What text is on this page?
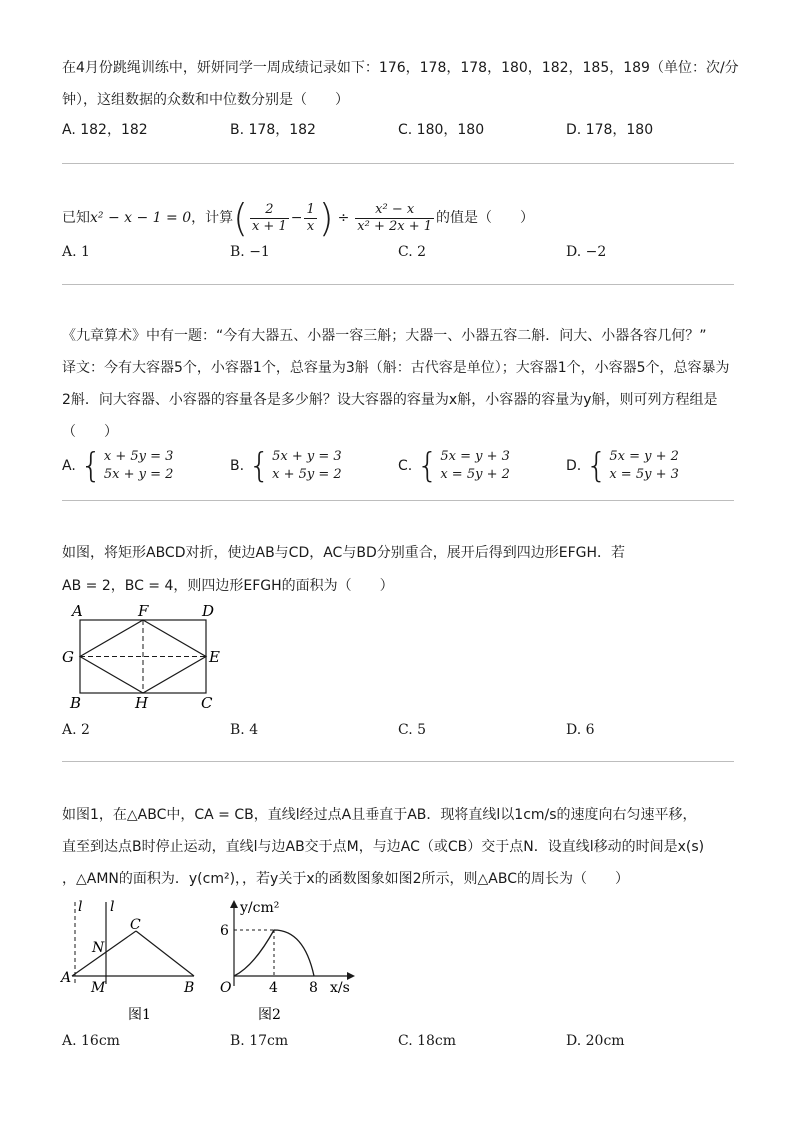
在4月份跳绳训练中，妍妍同学一周成绩记录如下：176，178，178，180，182，185，189（单位：次/分
钟），这组数据的众数和中位数分别是（　　）
A. 182，182	B. 178，182	C. 180，180	D. 178，180
已知x² − x − 1 = 0，计算( $\frac{2}{x + 1} - \frac{1}{x}$ ) ÷ $\frac{\text{x² − x}}{\text{x² + 2x + 1}}$ 的值是（　　）
A. 1	B. −1	C. 2	D. −2
《九章算术》中有一题：“今有大器五、小器一容三斛；大器一、小器五容二斛．问大、小器各容几何？”
译文：今有大容器5个，小容器1个，总容量为3斛（斛：古代容是单位）；大容器1个，小容器5个，总容暴为
2斛．问大容器、小容器的容量各是多少斛？设大容器的容量为x斛，小容器的容量为y斛，则可列方程组是
（　　）
A. { x + 5y = 3
5x + y = 2
B. { 5x + y = 3
x + 5y = 2
C. { 5x = y + 3
x = 5y + 2
D. { 5x = y + 2
x = 5y + 3
如图，将矩形ABCD对折，使边AB与CD，AC与BD分别重合，展开后得到四边形EFGH．若
AB = 2，BC = 4，则四边形EFGH的面积为（　　）
A	F	D
G	E
B	H	C
A. 2	B. 4	C. 5	D. 6
如图1，在△ABC中，CA = CB，直线l经过点A且垂直于AB．现将直线l以1cm/s的速度向右匀速平移，
直至到达点B时停止运动，直线l与边AB交于点M，与边AC（或CB）交于点N．设直线l移动的时间是x(s)
，△AMN的面积为．y(cm²)，，若y关于x的函数图象如图2所示，则△ABC的周长为（　　）
l l
C
N
A
M	B
图1
y/cm²
6
O	4 8 x/s
图2
A. 16cm	B. 17cm	C. 18cm	D. 20cm
